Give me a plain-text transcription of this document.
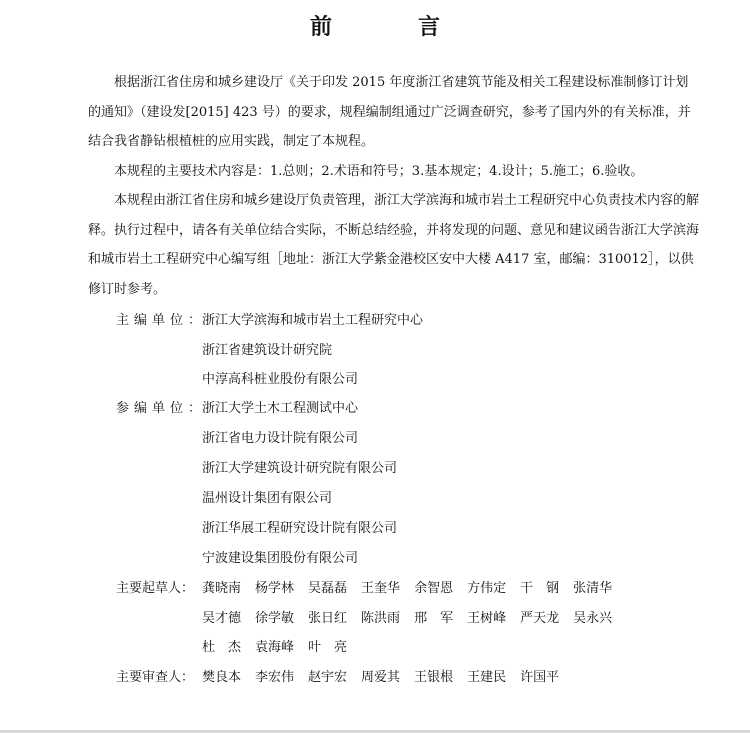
前　言

根据浙江省住房和城乡建设厅《关于印发 2015 年度浙江省建筑节能及相关工程建设标准制修订计划的通知》（建设发[2015] 423 号）的要求，规程编制组通过广泛调查研究，参考了国内外的有关标准，并结合我省静钻根植桩的应用实践，制定了本规程。

本规程的主要技术内容是：1.总则；2.术语和符号；3.基本规定；4.设计；5.施工；6.验收。

本规程由浙江省住房和城乡建设厅负责管理，浙江大学滨海和城市岩土工程研究中心负责技术内容的解释。执行过程中，请各有关单位结合实际，不断总结经验，并将发现的问题、意见和建议函告浙江大学滨海和城市岩土工程研究中心编写组［地址：浙江大学紫金港校区安中大楼 A417 室，邮编：310012］，以供修订时参考。

主编单位：
浙江大学滨海和城市岩土工程研究中心
浙江省建筑设计研究院
中淳高科桩业股份有限公司
参编单位：
浙江大学土木工程测试中心
浙江省电力设计院有限公司
浙江大学建筑设计研究院有限公司
温州设计集团有限公司
浙江华展工程研究设计院有限公司
宁波建设集团股份有限公司
主要起草人： 龚晓南 杨学林 吴磊磊 王奎华 余智恩 方伟定 干　钢 张清华
吴才德 徐学敏 张日红 陈洪雨 邢　军 王树峰 严天龙 吴永兴
杜　杰 袁海峰 叶　亮
主要审查人： 樊良本 李宏伟 赵宇宏 周爱其 王银根 王建民 许国平
